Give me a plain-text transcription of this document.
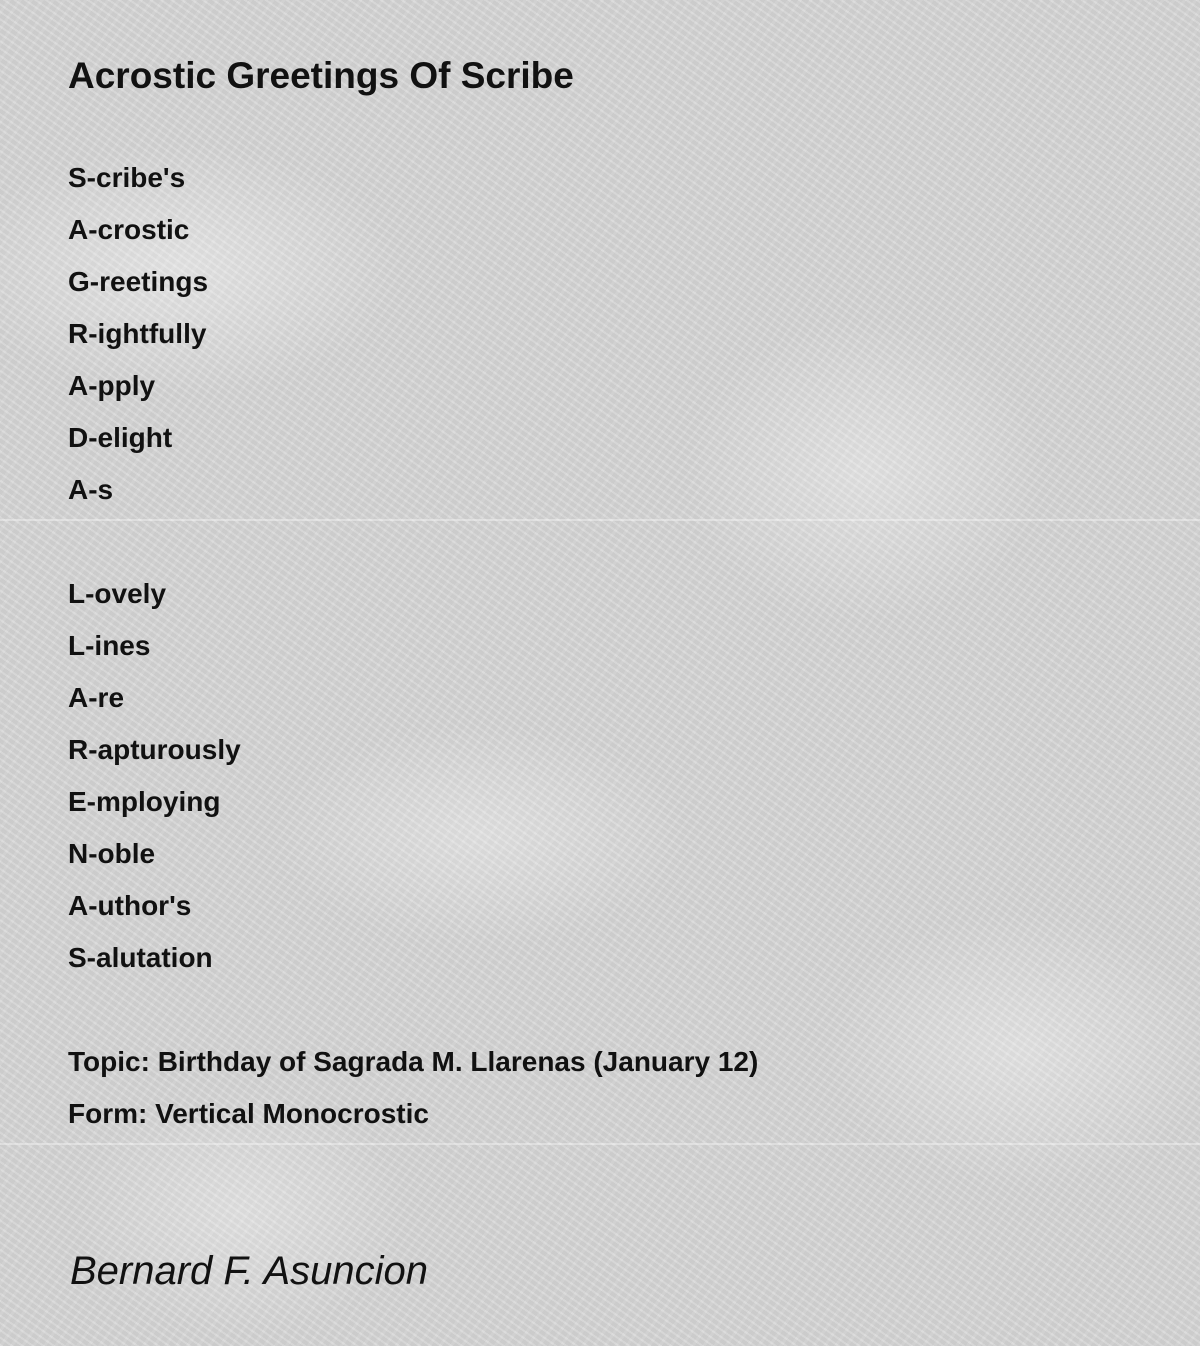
Acrostic Greetings Of Scribe
S-cribe's
A-crostic
G-reetings
R-ightfully
A-pply
D-elight
A-s
L-ovely
L-ines
A-re
R-apturously
E-mploying
N-oble
A-uthor's
S-alutation
Topic: Birthday of Sagrada M. Llarenas (January 12)
Form: Vertical Monocrostic
Bernard F. Asuncion
